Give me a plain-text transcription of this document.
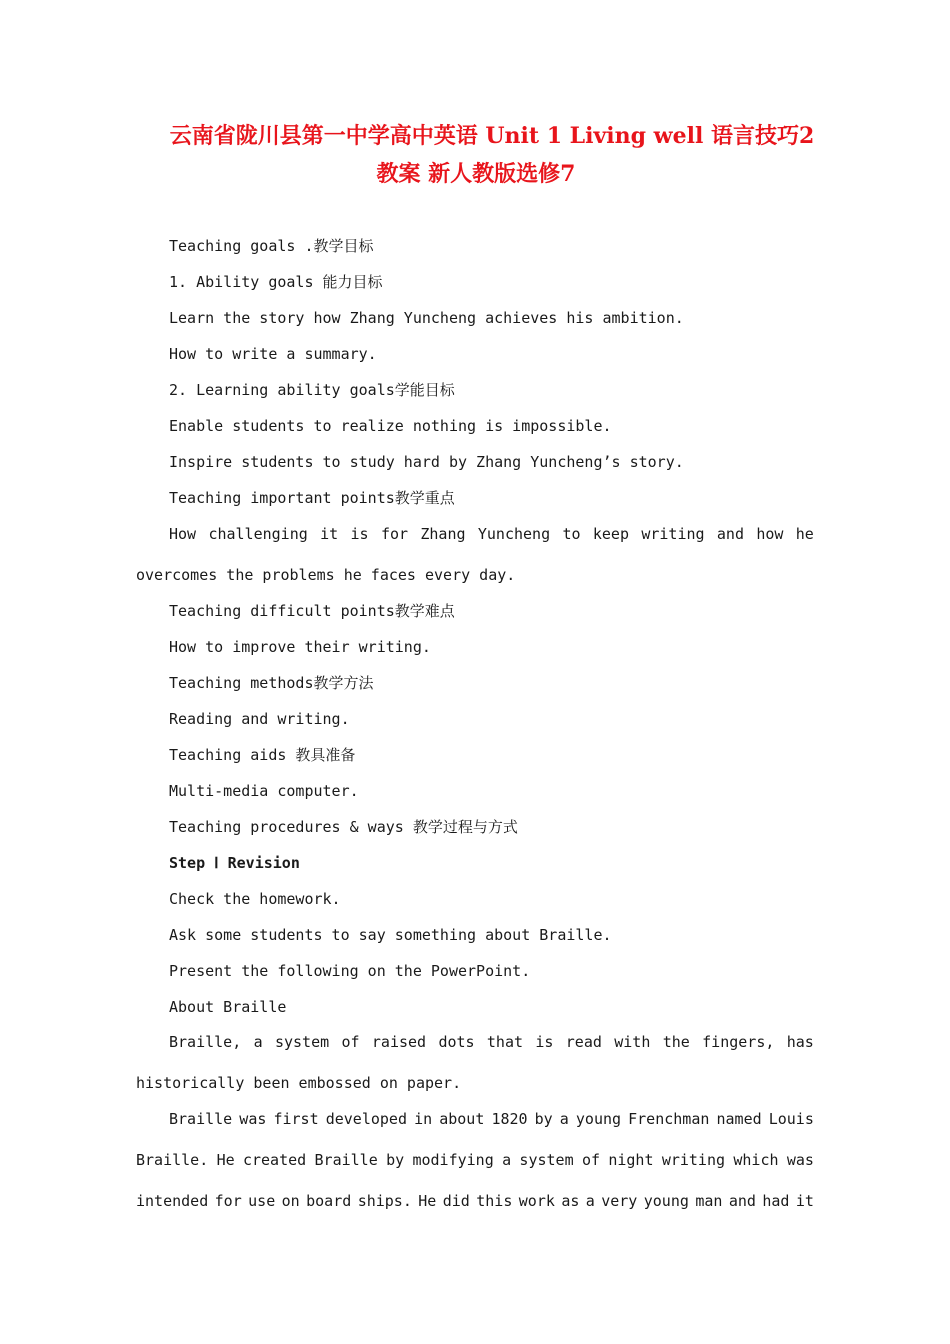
云南省陇川县第一中学高中英语 Unit 1 Living well 语言技巧2
教案 新人教版选修7
Teaching goals .教学目标
1. Ability goals 能力目标
Learn the story how Zhang Yuncheng achieves his ambition.
How to write a summary.
2. Learning ability goals学能目标
Enable students to realize nothing is impossible.
Inspire students to study hard by Zhang Yuncheng’s story.
Teaching important points教学重点
How challenging it is for Zhang Yuncheng to keep writing and how he
overcomes the problems he faces every day.
Teaching difficult points教学难点
How to improve their writing.
Teaching methods教学方法
Reading and writing.
Teaching aids 教具准备
Multi-media computer.
Teaching procedures & ways 教学过程与方式
Step Ⅰ Revision
Check the homework.
Ask some students to say something about Braille.
Present the following on the PowerPoint.
About Braille
Braille, a system of raised dots that is read with the fingers, has
historically been embossed on paper.
Braille was first developed in about 1820 by a young Frenchman named Louis
Braille. He created Braille by modifying a system of night writing which was
intended for use on board ships. He did this work as a very young man and had it
